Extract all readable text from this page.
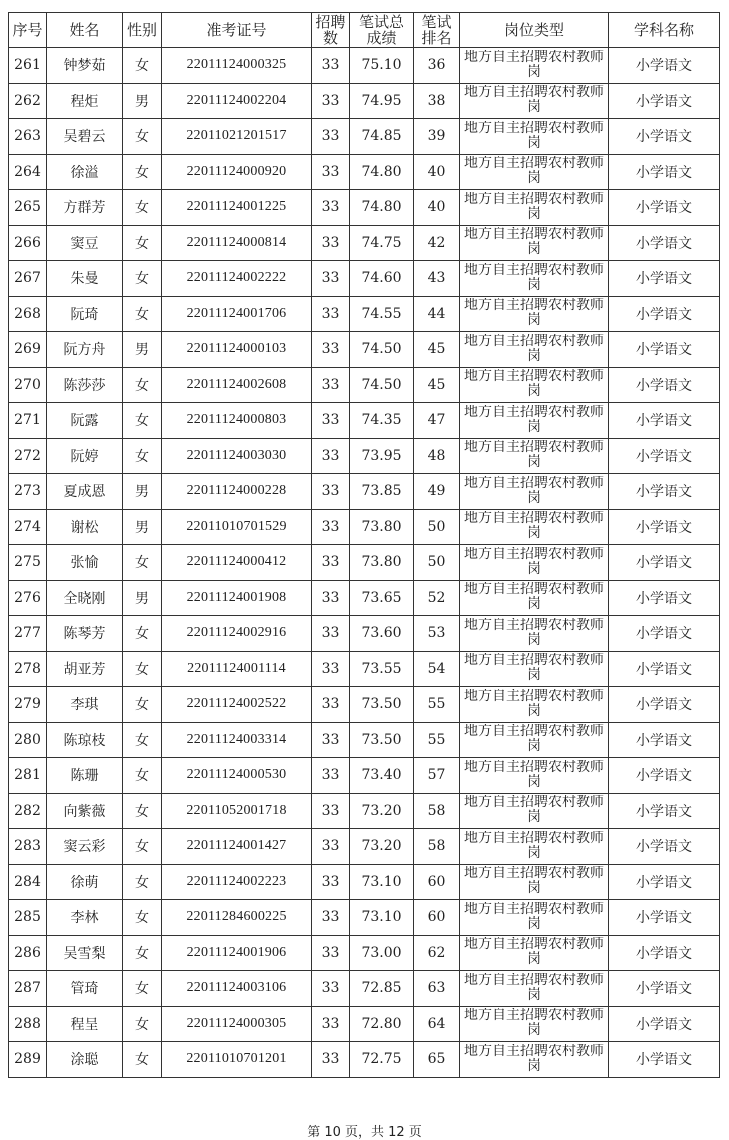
序号	姓名	性别	准考证号	招聘数	笔试总成绩	笔试排名	岗位类型	学科名称
261	钟梦茹	女	22011124000325	33	75.10	36	地方自主招聘农村教师岗	小学语文
262	程炬	男	22011124002204	33	74.95	38	地方自主招聘农村教师岗	小学语文
263	吴碧云	女	22011021201517	33	74.85	39	地方自主招聘农村教师岗	小学语文
264	徐溢	女	22011124000920	33	74.80	40	地方自主招聘农村教师岗	小学语文
265	方群芳	女	22011124001225	33	74.80	40	地方自主招聘农村教师岗	小学语文
266	窦豆	女	22011124000814	33	74.75	42	地方自主招聘农村教师岗	小学语文
267	朱曼	女	22011124002222	33	74.60	43	地方自主招聘农村教师岗	小学语文
268	阮琦	女	22011124001706	33	74.55	44	地方自主招聘农村教师岗	小学语文
269	阮方舟	男	22011124000103	33	74.50	45	地方自主招聘农村教师岗	小学语文
270	陈莎莎	女	22011124002608	33	74.50	45	地方自主招聘农村教师岗	小学语文
271	阮露	女	22011124000803	33	74.35	47	地方自主招聘农村教师岗	小学语文
272	阮婷	女	22011124003030	33	73.95	48	地方自主招聘农村教师岗	小学语文
273	夏成恩	男	22011124000228	33	73.85	49	地方自主招聘农村教师岗	小学语文
274	谢松	男	22011010701529	33	73.80	50	地方自主招聘农村教师岗	小学语文
275	张愉	女	22011124000412	33	73.80	50	地方自主招聘农村教师岗	小学语文
276	全晓刚	男	22011124001908	33	73.65	52	地方自主招聘农村教师岗	小学语文
277	陈琴芳	女	22011124002916	33	73.60	53	地方自主招聘农村教师岗	小学语文
278	胡亚芳	女	22011124001114	33	73.55	54	地方自主招聘农村教师岗	小学语文
279	李琪	女	22011124002522	33	73.50	55	地方自主招聘农村教师岗	小学语文
280	陈琼枝	女	22011124003314	33	73.50	55	地方自主招聘农村教师岗	小学语文
281	陈珊	女	22011124000530	33	73.40	57	地方自主招聘农村教师岗	小学语文
282	向紫薇	女	22011052001718	33	73.20	58	地方自主招聘农村教师岗	小学语文
283	窦云彩	女	22011124001427	33	73.20	58	地方自主招聘农村教师岗	小学语文
284	徐萌	女	22011124002223	33	73.10	60	地方自主招聘农村教师岗	小学语文
285	李林	女	22011284600225	33	73.10	60	地方自主招聘农村教师岗	小学语文
286	吴雪梨	女	22011124001906	33	73.00	62	地方自主招聘农村教师岗	小学语文
287	管琦	女	22011124003106	33	72.85	63	地方自主招聘农村教师岗	小学语文
288	程呈	女	22011124000305	33	72.80	64	地方自主招聘农村教师岗	小学语文
289	涂聪	女	22011010701201	33	72.75	65	地方自主招聘农村教师岗	小学语文
第 10 页，共 12 页
